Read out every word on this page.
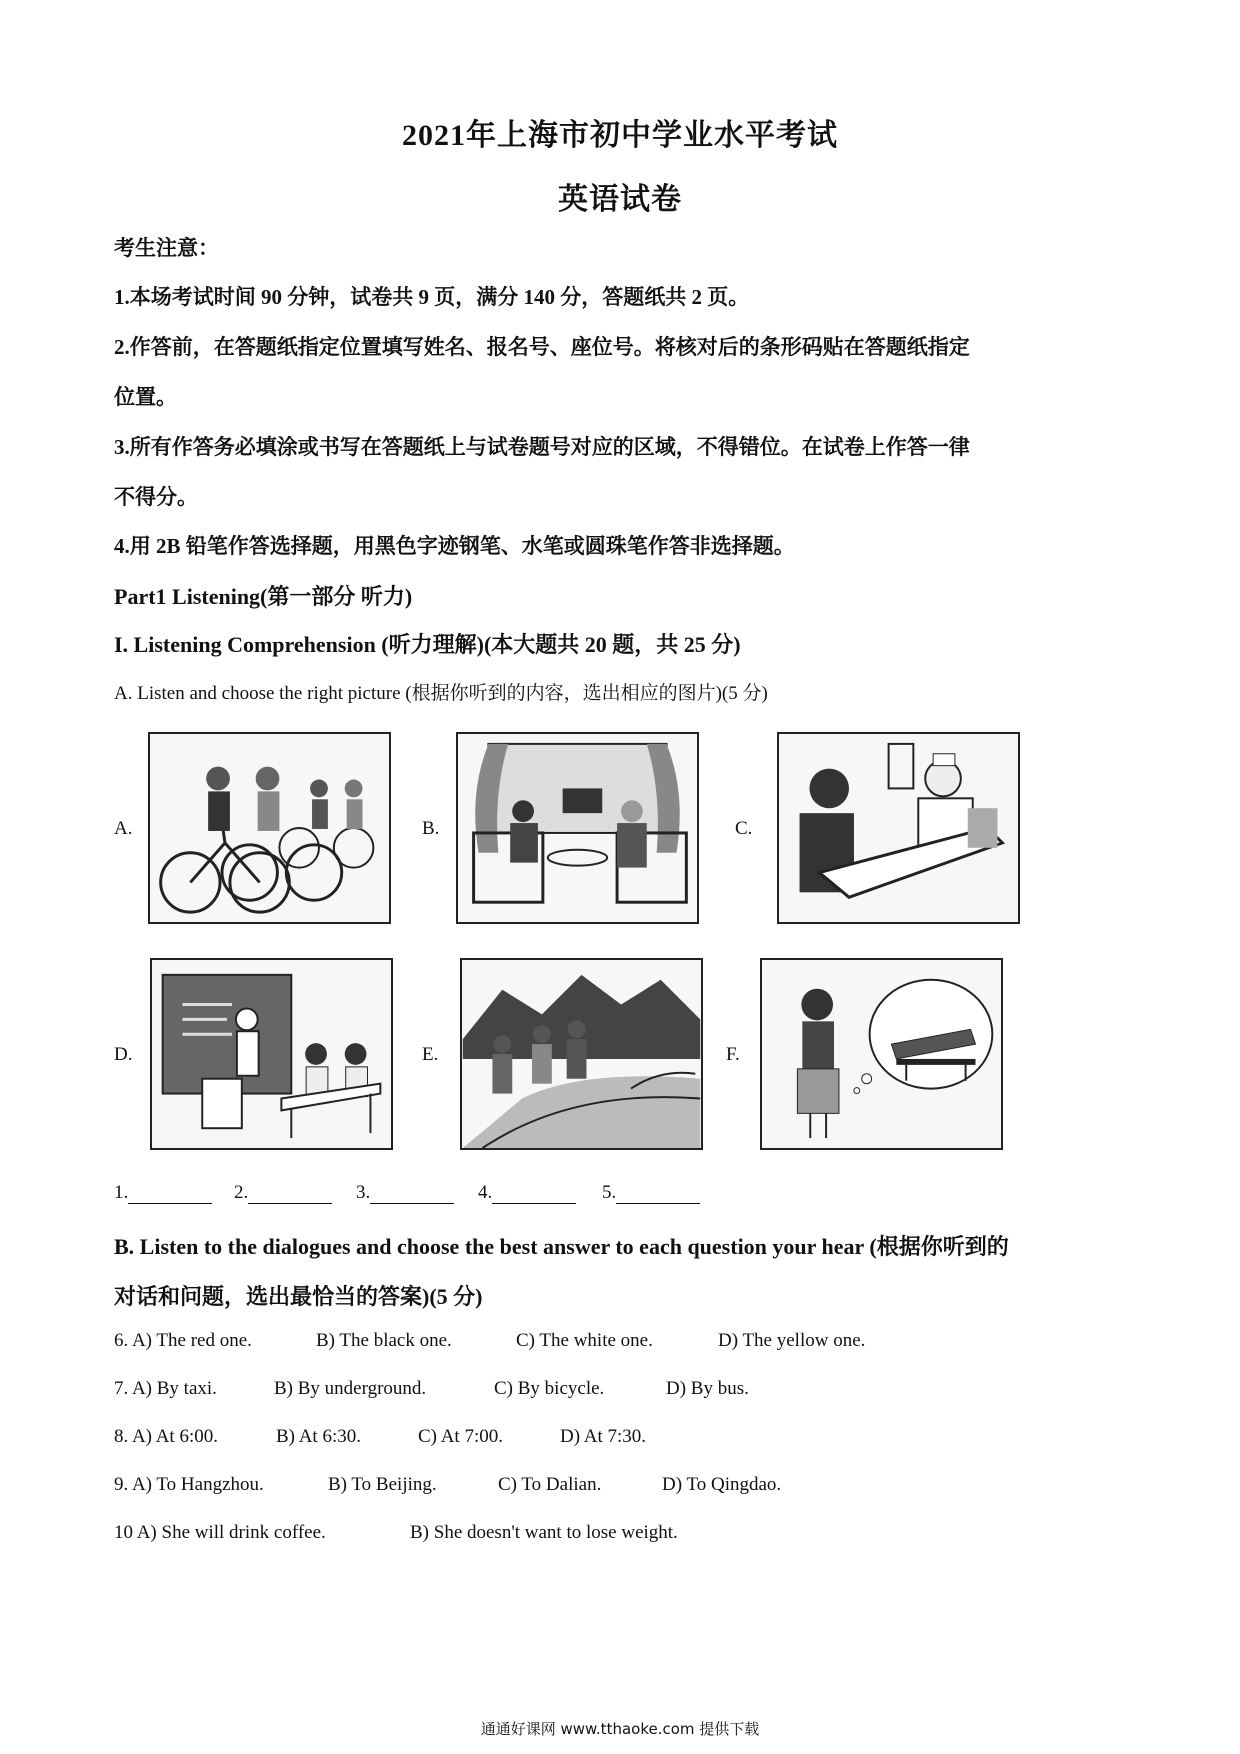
2021年上海市初中学业水平考试
英语试卷
考生注意：
1.本场考试时间 90 分钟，试卷共 9 页，满分 140 分，答题纸共 2 页。
2.作答前，在答题纸指定位置填写姓名、报名号、座位号。将核对后的条形码贴在答题纸指定
位置。
3.所有作答务必填涂或书写在答题纸上与试卷题号对应的区域，不得错位。在试卷上作答一律
不得分。
4.用 2B 铅笔作答选择题，用黑色字迹钢笔、水笔或圆珠笔作答非选择题。
Part1 Listening(第一部分 听力)
I. Listening Comprehension (听力理解)(本大题共 20 题，共 25 分)
A. Listen and choose the right picture (根据你听到的内容，选出相应的图片)(5 分)
A.	B.	C.
D.	E.	F.
1.	2.	3.	4.	5.
B. Listen to the dialogues and choose the best answer to each question your hear (根据你听到的
对话和问题，选出最恰当的答案)(5 分)
6. A) The red one.	B) The black one.	C) The white one.	D) The yellow one.
7. A) By taxi.	B) By underground.	C) By bicycle.	D) By bus.
8. A) At 6:00.	B) At 6:30.	C) At 7:00.	D) At 7:30.
9. A) To Hangzhou.	B) To Beijing.	C) To Dalian.	D) To Qingdao.
10 A) She will drink coffee.	B) She doesn't want to lose weight.
通通好课网 www.tthaoke.com 提供下载
